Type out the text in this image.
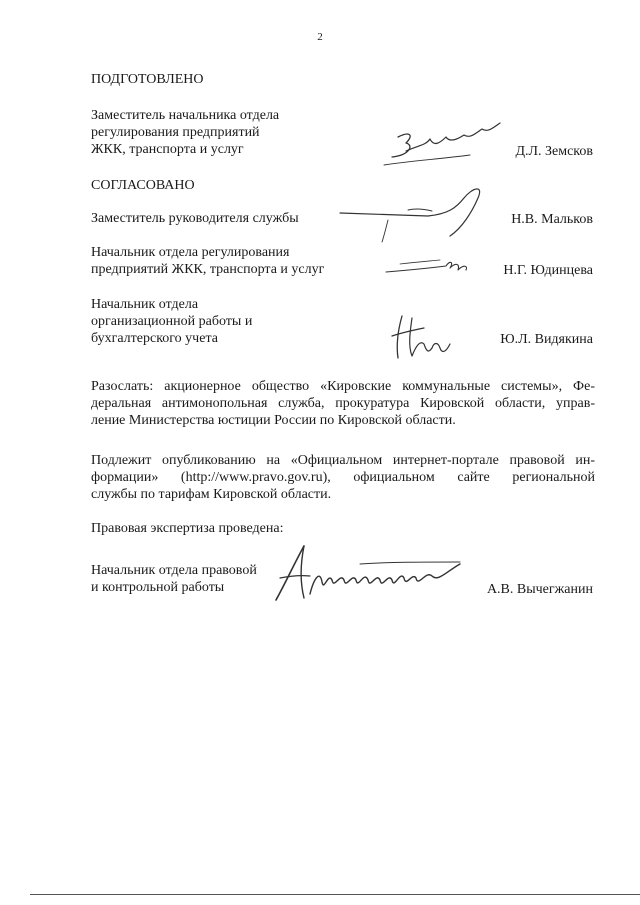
2
ПОДГОТОВЛЕНО
Заместитель начальника отдела
регулирования предприятий
ЖКК, транспорта и услуг	Д.Л. Земсков
СОГЛАСОВАНО
Заместитель руководителя службы	Н.В. Мальков
Начальник отдела регулирования
предприятий ЖКК, транспорта и услуг	Н.Г. Юдинцева
Начальник отдела
организационной работы и
бухгалтерского учета	Ю.Л. Видякина
Разослать: акционерное общество «Кировские коммунальные системы», Фе-
деральная антимонопольная служба, прокуратура Кировской области, управ-
ление Министерства юстиции России по Кировской области.
Подлежит опубликованию на «Официальном интернет-портале правовой ин-
формации» (http://www.pravo.gov.ru), официальном сайте региональной
службы по тарифам Кировской области.
Правовая экспертиза проведена:
Начальник отдела правовой
и контрольной работы	А.В. Вычегжанин
